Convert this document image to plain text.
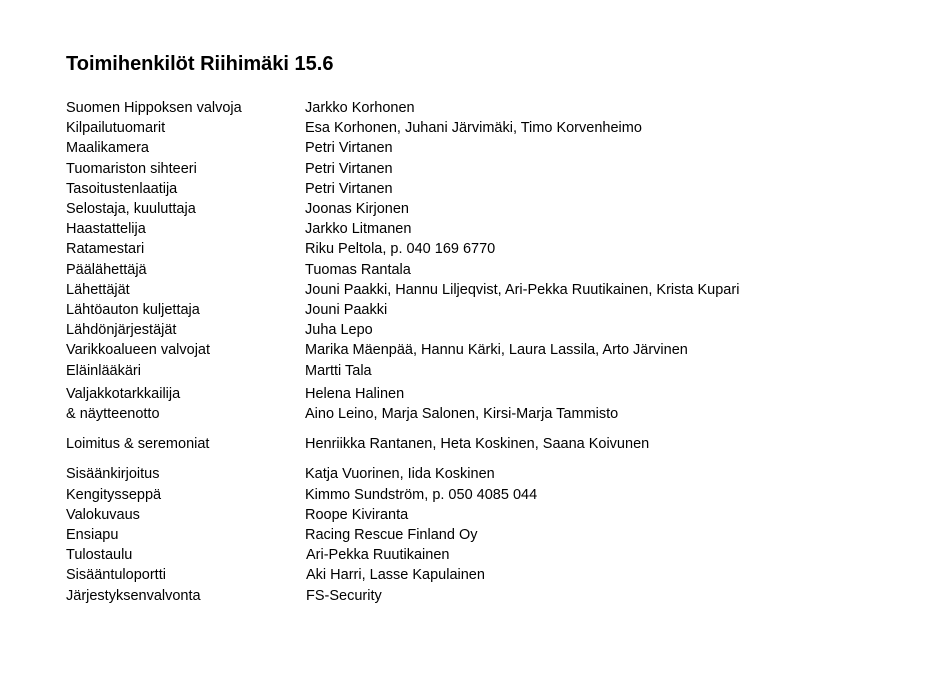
Toimihenkilöt Riihimäki 15.6
Suomen Hippoksen valvoja	Jarkko Korhonen
Kilpailutuomarit	Esa Korhonen, Juhani Järvimäki, Timo Korvenheimo
Maalikamera	Petri Virtanen
Tuomariston sihteeri	Petri Virtanen
Tasoitustenlaatija	Petri Virtanen
Selostaja, kuuluttaja	Joonas Kirjonen
Haastattelija	Jarkko Litmanen
Ratamestari	Riku Peltola, p. 040 169 6770
Päälähettäjä	Tuomas Rantala
Lähettäjät	Jouni Paakki, Hannu Liljeqvist, Ari-Pekka Ruutikainen, Krista Kupari
Lähtöauton kuljettaja	Jouni Paakki
Lähdönjärjestäjät	Juha Lepo
Varikkoalueen valvojat	Marika Mäenpää, Hannu Kärki, Laura Lassila, Arto Järvinen
Eläinlääkäri	Martti Tala
Valjakkotarkkailija	Helena Halinen
& näytteenotto	Aino Leino, Marja Salonen, Kirsi-Marja Tammisto
Loimitus & seremoniat	Henriikka Rantanen, Heta Koskinen, Saana Koivunen
Sisäänkirjoitus	Katja Vuorinen, Iida Koskinen
Kengitysseppä	Kimmo Sundström, p. 050 4085 044
Valokuvaus	Roope Kiviranta
Ensiapu	Racing Rescue Finland Oy
Tulostaulu	Ari-Pekka Ruutikainen
Sisääntuloportti	Aki Harri, Lasse Kapulainen
Järjestyksenvalvonta	FS-Security
